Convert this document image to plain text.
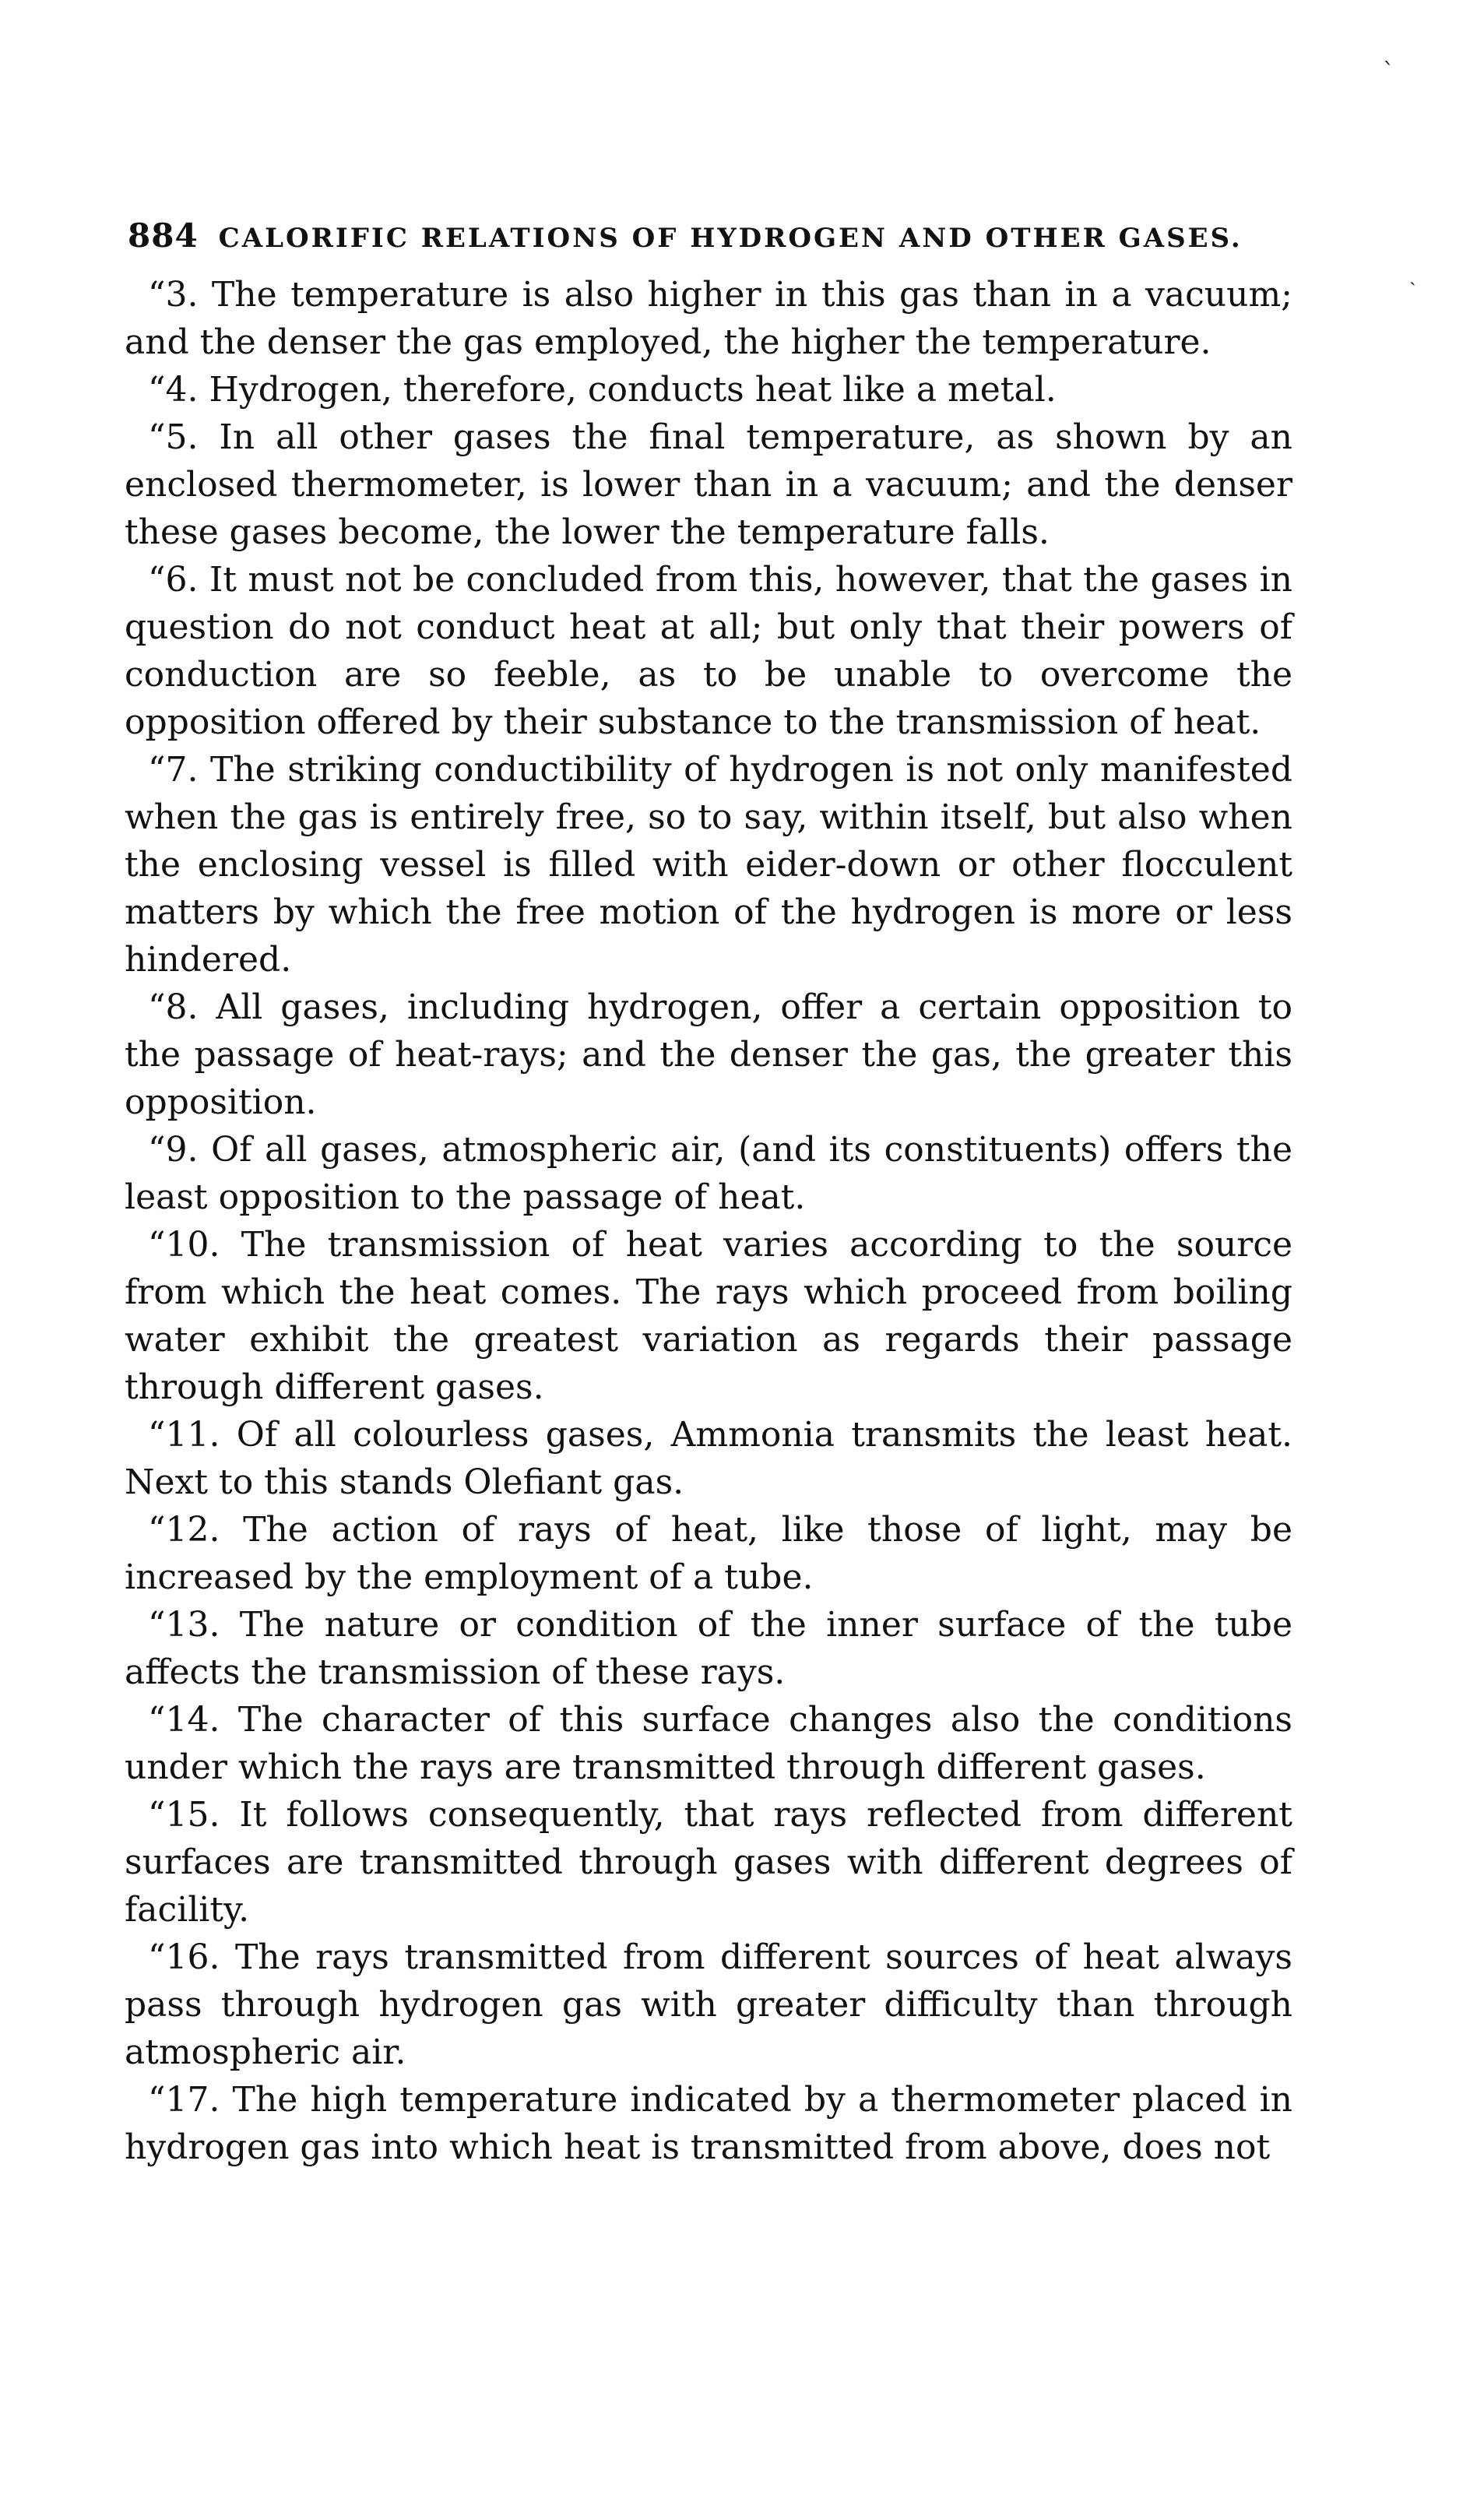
ˋ
ˎ
884 CALORIFIC RELATIONS OF HYDROGEN AND OTHER GASES.

“3. The temperature is also higher in this gas than in a vacuum; and the denser the gas employed, the higher the temperature.

“4. Hydrogen, therefore, conducts heat like a metal.

“5. In all other gases the final temperature, as shown by an enclosed thermometer, is lower than in a vacuum; and the denser these gases become, the lower the temperature falls.

“6. It must not be concluded from this, however, that the gases in question do not conduct heat at all; but only that their powers of conduction are so feeble, as to be unable to overcome the opposition offered by their substance to the transmission of heat.

“7. The striking conductibility of hydrogen is not only manifested when the gas is entirely free, so to say, within itself, but also when the enclosing vessel is filled with eider-down or other flocculent matters by which the free motion of the hydrogen is more or less hindered.

“8. All gases, including hydrogen, offer a certain opposition to the passage of heat-rays; and the denser the gas, the greater this opposition.

“9. Of all gases, atmospheric air, (and its constituents) offers the least opposition to the passage of heat.

“10. The transmission of heat varies according to the source from which the heat comes. The rays which proceed from boiling water exhibit the greatest variation as regards their passage through different gases.

“11. Of all colourless gases, Ammonia transmits the least heat. Next to this stands Olefiant gas.

“12. The action of rays of heat, like those of light, may be increased by the employment of a tube.

“13. The nature or condition of the inner surface of the tube affects the transmission of these rays.

“14. The character of this surface changes also the conditions under which the rays are transmitted through different gases.

“15. It follows consequently, that rays reflected from different surfaces are transmitted through gases with different degrees of facility.

“16. The rays transmitted from different sources of heat always pass through hydrogen gas with greater difficulty than through atmospheric air.

“17. The high temperature indicated by a thermometer placed in hydrogen gas into which heat is transmitted from above, does not
